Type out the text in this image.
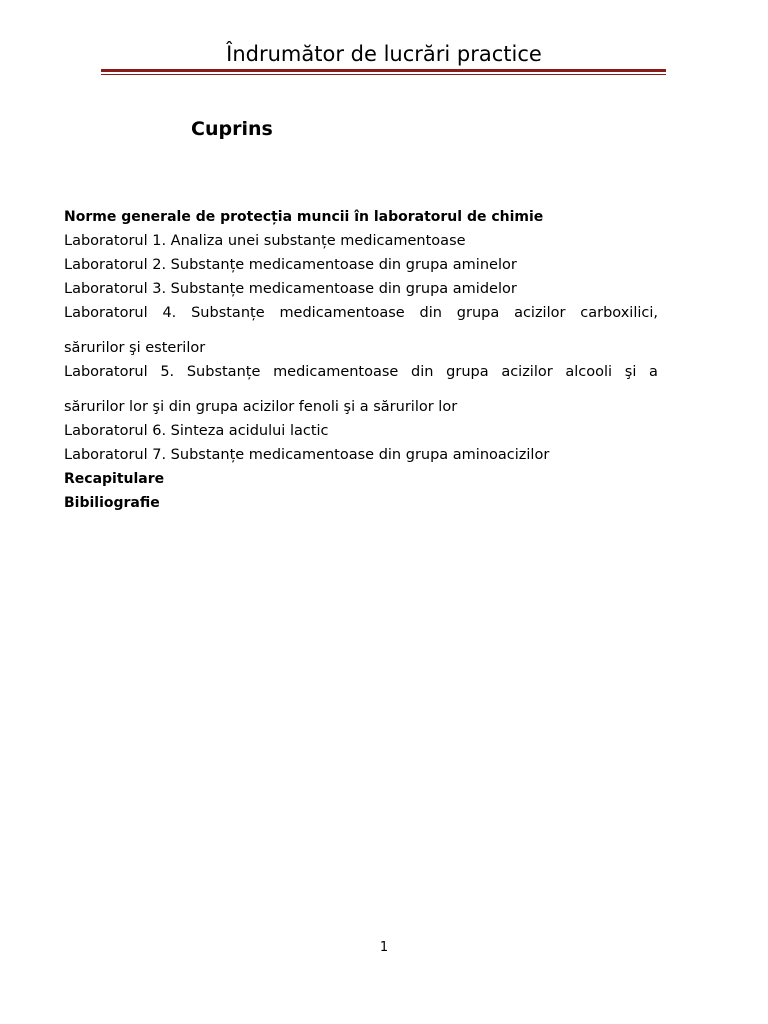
Îndrumător de lucrări practice
Cuprins
Norme generale de protecția muncii în laboratorul de chimie
Laboratorul 1. Analiza unei substanțe medicamentoase
Laboratorul 2. Substanțe medicamentoase din grupa aminelor
Laboratorul 3. Substanțe medicamentoase din grupa amidelor
Laboratorul 4. Substanțe medicamentoase din grupa acizilor carboxilici,
sărurilor şi esterilor
Laboratorul 5. Substanțe medicamentoase din grupa acizilor alcooli şi a
sărurilor lor şi din grupa acizilor fenoli şi a sărurilor lor
Laboratorul 6. Sinteza acidului lactic
Laboratorul 7. Substanțe medicamentoase din grupa aminoacizilor
Recapitulare
Bibiliografie
1
